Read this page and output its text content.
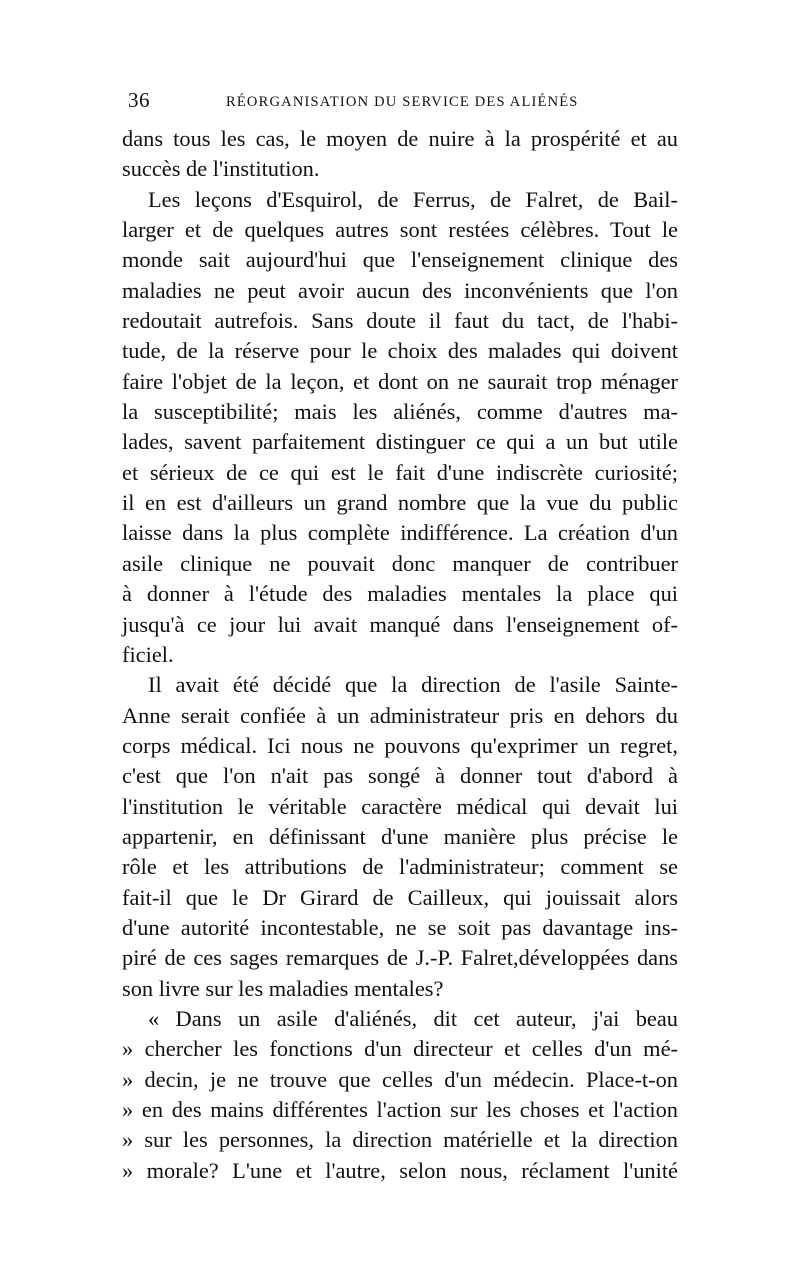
36	RÉORGANISATION DU SERVICE DES ALIÉNÉS
dans tous les cas, le moyen de nuire à la prospérité et au
succès de l'institution.
Les leçons d'Esquirol, de Ferrus, de Falret, de Bail-
larger et de quelques autres sont restées célèbres. Tout le
monde sait aujourd'hui que l'enseignement clinique des
maladies ne peut avoir aucun des inconvénients que l'on
redoutait autrefois. Sans doute il faut du tact, de l'habi-
tude, de la réserve pour le choix des malades qui doivent
faire l'objet de la leçon, et dont on ne saurait trop ménager
la susceptibilité; mais les aliénés, comme d'autres ma-
lades, savent parfaitement distinguer ce qui a un but utile
et sérieux de ce qui est le fait d'une indiscrète curiosité;
il en est d'ailleurs un grand nombre que la vue du public
laisse dans la plus complète indifférence. La création d'un
asile clinique ne pouvait donc manquer de contribuer
à donner à l'étude des maladies mentales la place qui
jusqu'à ce jour lui avait manqué dans l'enseignement of-
ficiel.
Il avait été décidé que la direction de l'asile Sainte-
Anne serait confiée à un administrateur pris en dehors du
corps médical. Ici nous ne pouvons qu'exprimer un regret,
c'est que l'on n'ait pas songé à donner tout d'abord à
l'institution le véritable caractère médical qui devait lui
appartenir, en définissant d'une manière plus précise le
rôle et les attributions de l'administrateur; comment se
fait-il que le Dr Girard de Cailleux, qui jouissait alors
d'une autorité incontestable, ne se soit pas davantage ins-
piré de ces sages remarques de J.-P. Falret,développées dans
son livre sur les maladies mentales?
« Dans un asile d'aliénés, dit cet auteur, j'ai beau
» chercher les fonctions d'un directeur et celles d'un mé-
» decin, je ne trouve que celles d'un médecin. Place-t-on
» en des mains différentes l'action sur les choses et l'action
» sur les personnes, la direction matérielle et la direction
» morale? L'une et l'autre, selon nous, réclament l'unité
